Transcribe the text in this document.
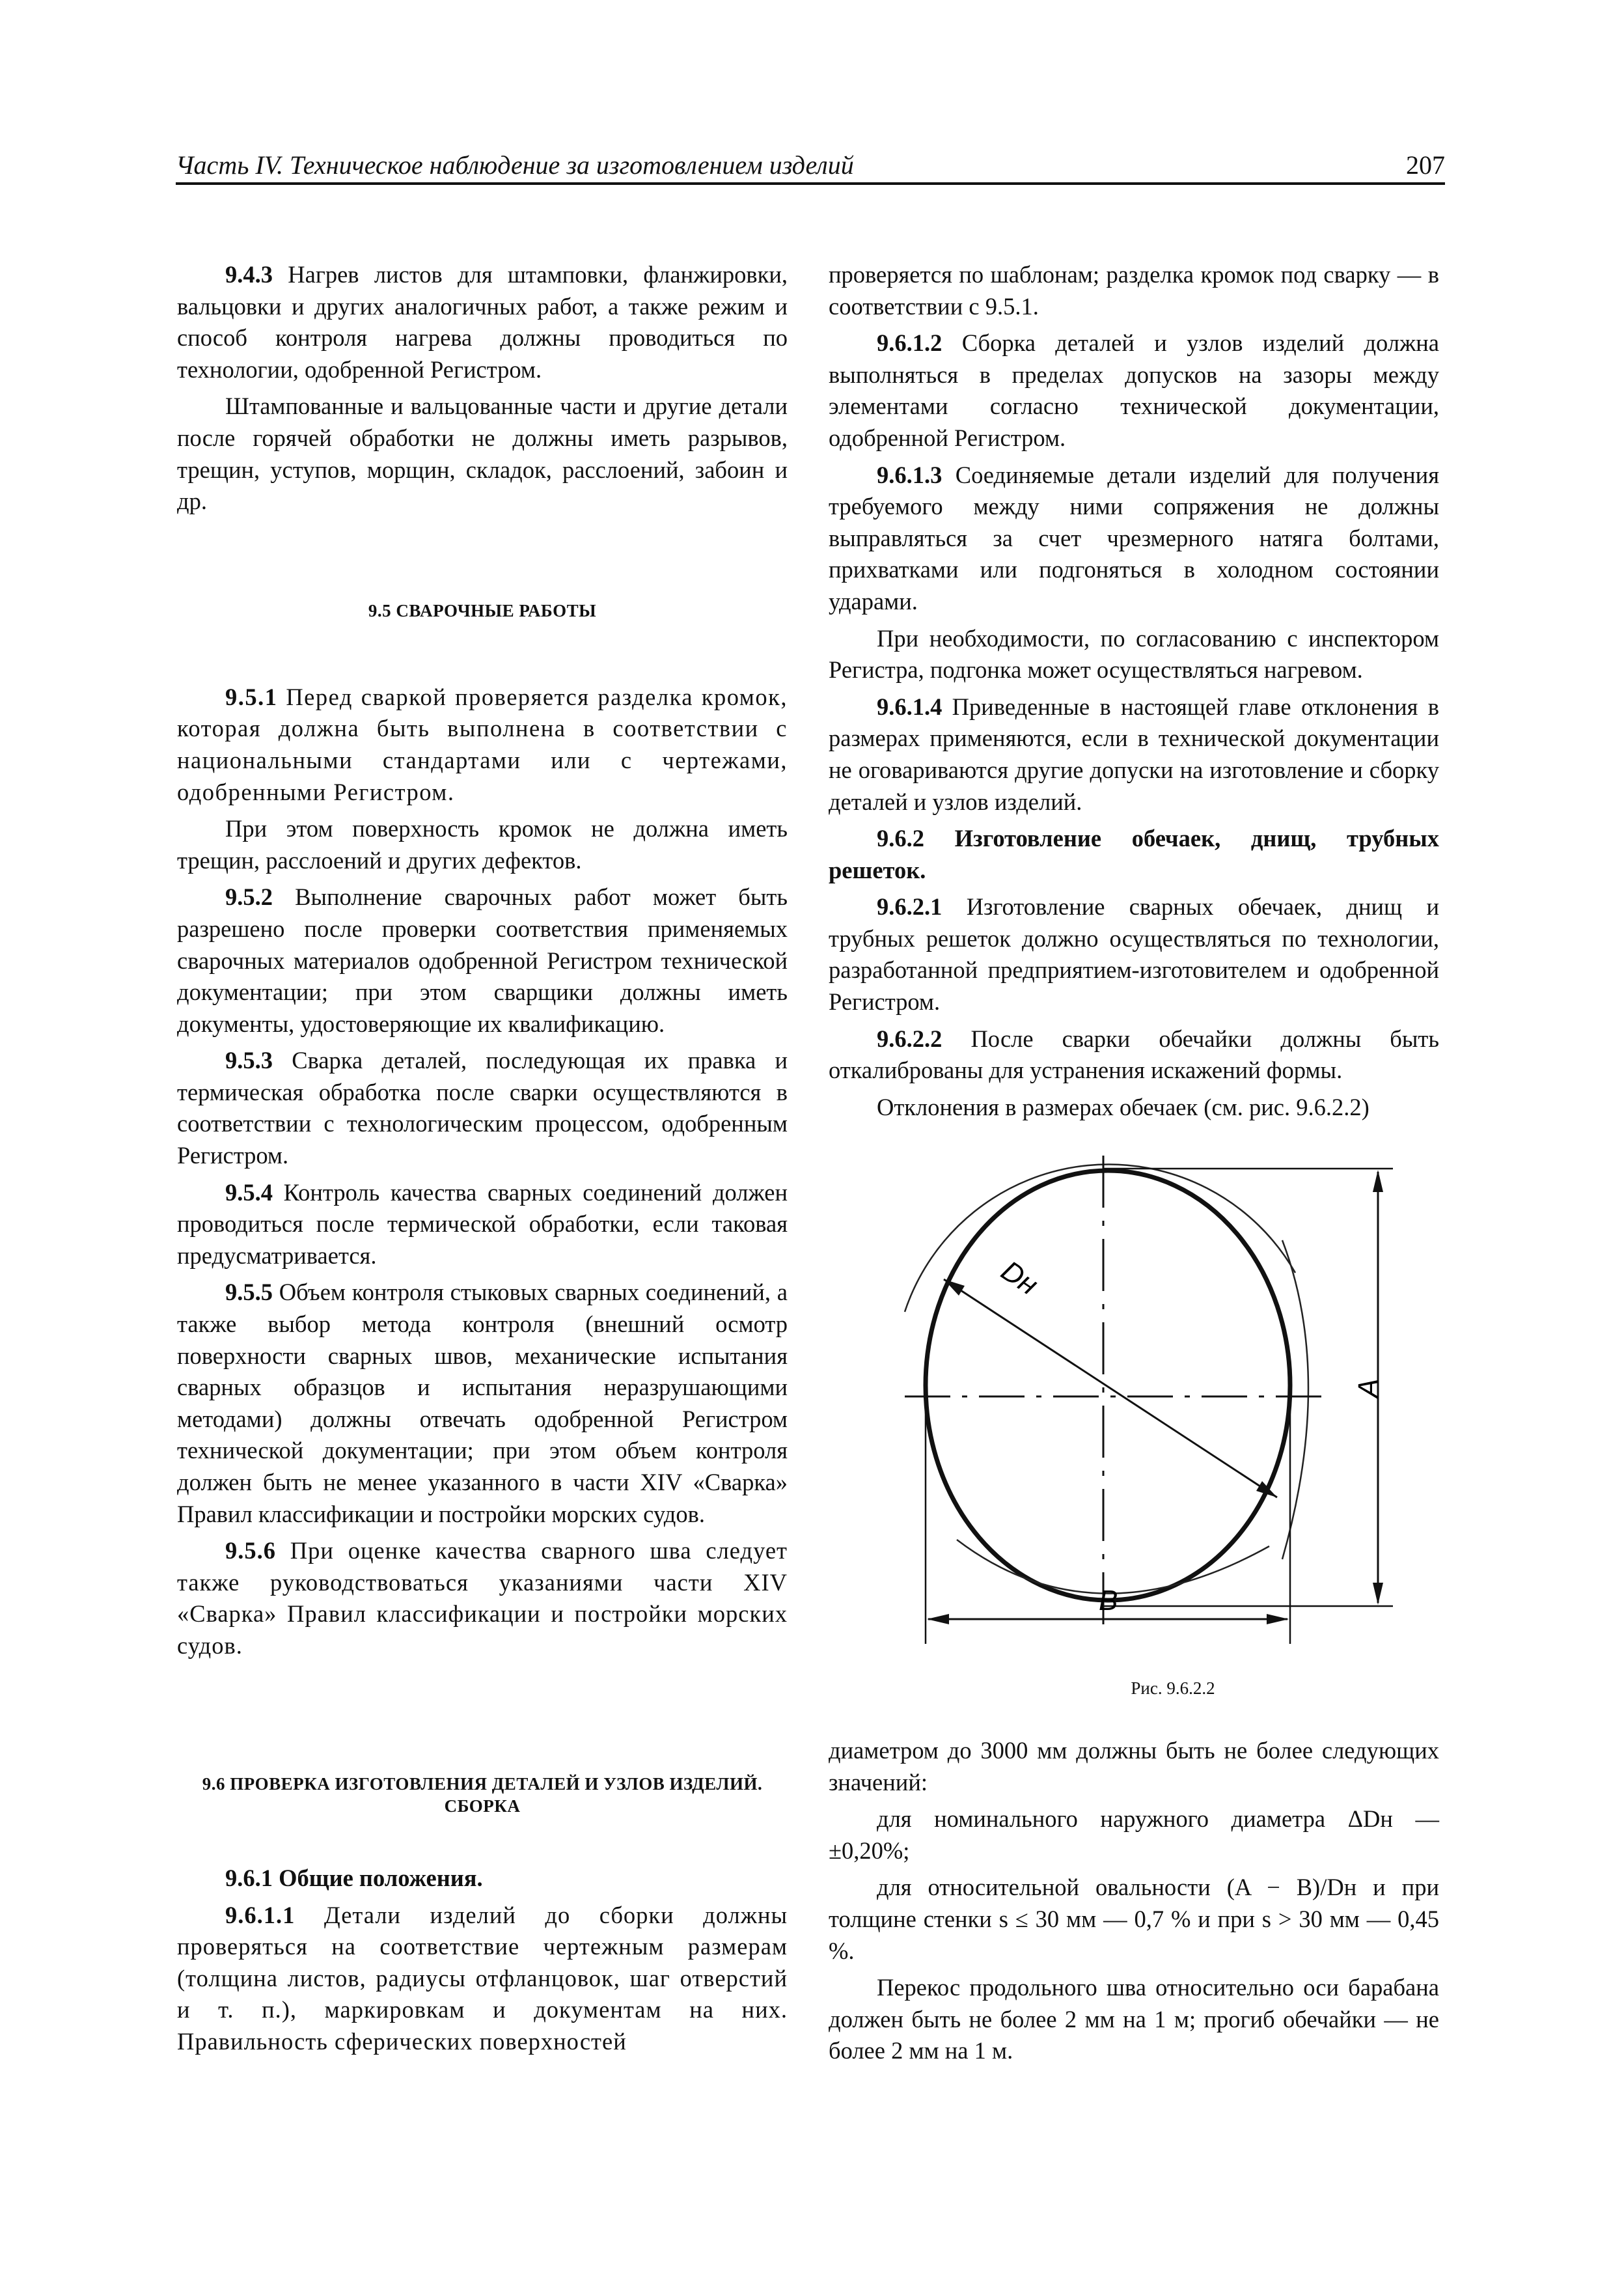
Часть IV. Техническое наблюдение за изготовлением изделий	207

9.4.3 Нагрев листов для штамповки, фланжировки, вальцовки и других аналогичных работ, а также режим и способ контроля нагрева должны проводиться по технологии, одобренной Регистром.

Штампованные и вальцованные части и другие детали после горячей обработки не должны иметь разрывов, трещин, уступов, морщин, складок, расслоений, забоин и др.

9.5 СВАРОЧНЫЕ РАБОТЫ

9.5.1 Перед сваркой проверяется разделка кромок, которая должна быть выполнена в соответствии с национальными стандартами или с чертежами, одобренными Регистром.

При этом поверхность кромок не должна иметь трещин, расслоений и других дефектов.

9.5.2 Выполнение сварочных работ может быть разрешено после проверки соответствия применяемых сварочных материалов одобренной Регистром технической документации; при этом сварщики должны иметь документы, удостоверяющие их квалификацию.

9.5.3 Сварка деталей, последующая их правка и термическая обработка после сварки осуществляются в соответствии с технологическим процессом, одобренным Регистром.

9.5.4 Контроль качества сварных соединений должен проводиться после термической обработки, если таковая предусматривается.

9.5.5 Объем контроля стыковых сварных соединений, а также выбор метода контроля (внешний осмотр поверхности сварных швов, механические испытания сварных образцов и испытания неразрушающими методами) должны отвечать одобренной Регистром технической документации; при этом объем контроля должен быть не менее указанного в части XIV «Сварка» Правил классификации и постройки морских судов.

9.5.6 При оценке качества сварного шва следует также руководствоваться указаниями части XIV «Сварка» Правил классификации и постройки морских судов.

9.6 ПРОВЕРКА ИЗГОТОВЛЕНИЯ ДЕТАЛЕЙ И УЗЛОВ ИЗДЕЛИЙ. СБОРКА

9.6.1 Общие положения.

9.6.1.1 Детали изделий до сборки должны проверяться на соответствие чертежным размерам (толщина листов, радиусы отфланцовок, шаг отверстий и т. п.), маркировкам и документам на них. Правильность сферических поверхностей

проверяется по шаблонам; разделка кромок под сварку — в соответствии с 9.5.1.

9.6.1.2 Сборка деталей и узлов изделий должна выполняться в пределах допусков на зазоры между элементами согласно технической документации, одобренной Регистром.

9.6.1.3 Соединяемые детали изделий для получения требуемого между ними сопряжения не должны выправляться за счет чрезмерного натяга болтами, прихватками или подгоняться в холодном состоянии ударами.

При необходимости, по согласованию с инспектором Регистра, подгонка может осуществляться нагревом.

9.6.1.4 Приведенные в настоящей главе отклонения в размерах применяются, если в технической документации не оговариваются другие допуски на изготовление и сборку деталей и узлов изделий.

9.6.2 Изготовление обечаек, днищ, трубных решеток.

9.6.2.1 Изготовление сварных обечаек, днищ и трубных решеток должно осуществляться по технологии, разработанной предприятием-изготовителем и одобренной Регистром.

9.6.2.2 После сварки обечайки должны быть откалиброваны для устранения искажений формы.

Отклонения в размерах обечаек (см. рис. 9.6.2.2)

Dн
A
B
Рис. 9.6.2.2

диаметром до 3000 мм должны быть не более следующих значений:

для номинального наружного диаметра ΔDн — ±0,20%;

для относительной овальности (A − B)/Dн и при толщине стенки s ≤ 30 мм — 0,7 % и при s > 30 мм — 0,45 %.

Перекос продольного шва относительно оси барабана должен быть не более 2 мм на 1 м; прогиб обечайки — не более 2 мм на 1 м.
